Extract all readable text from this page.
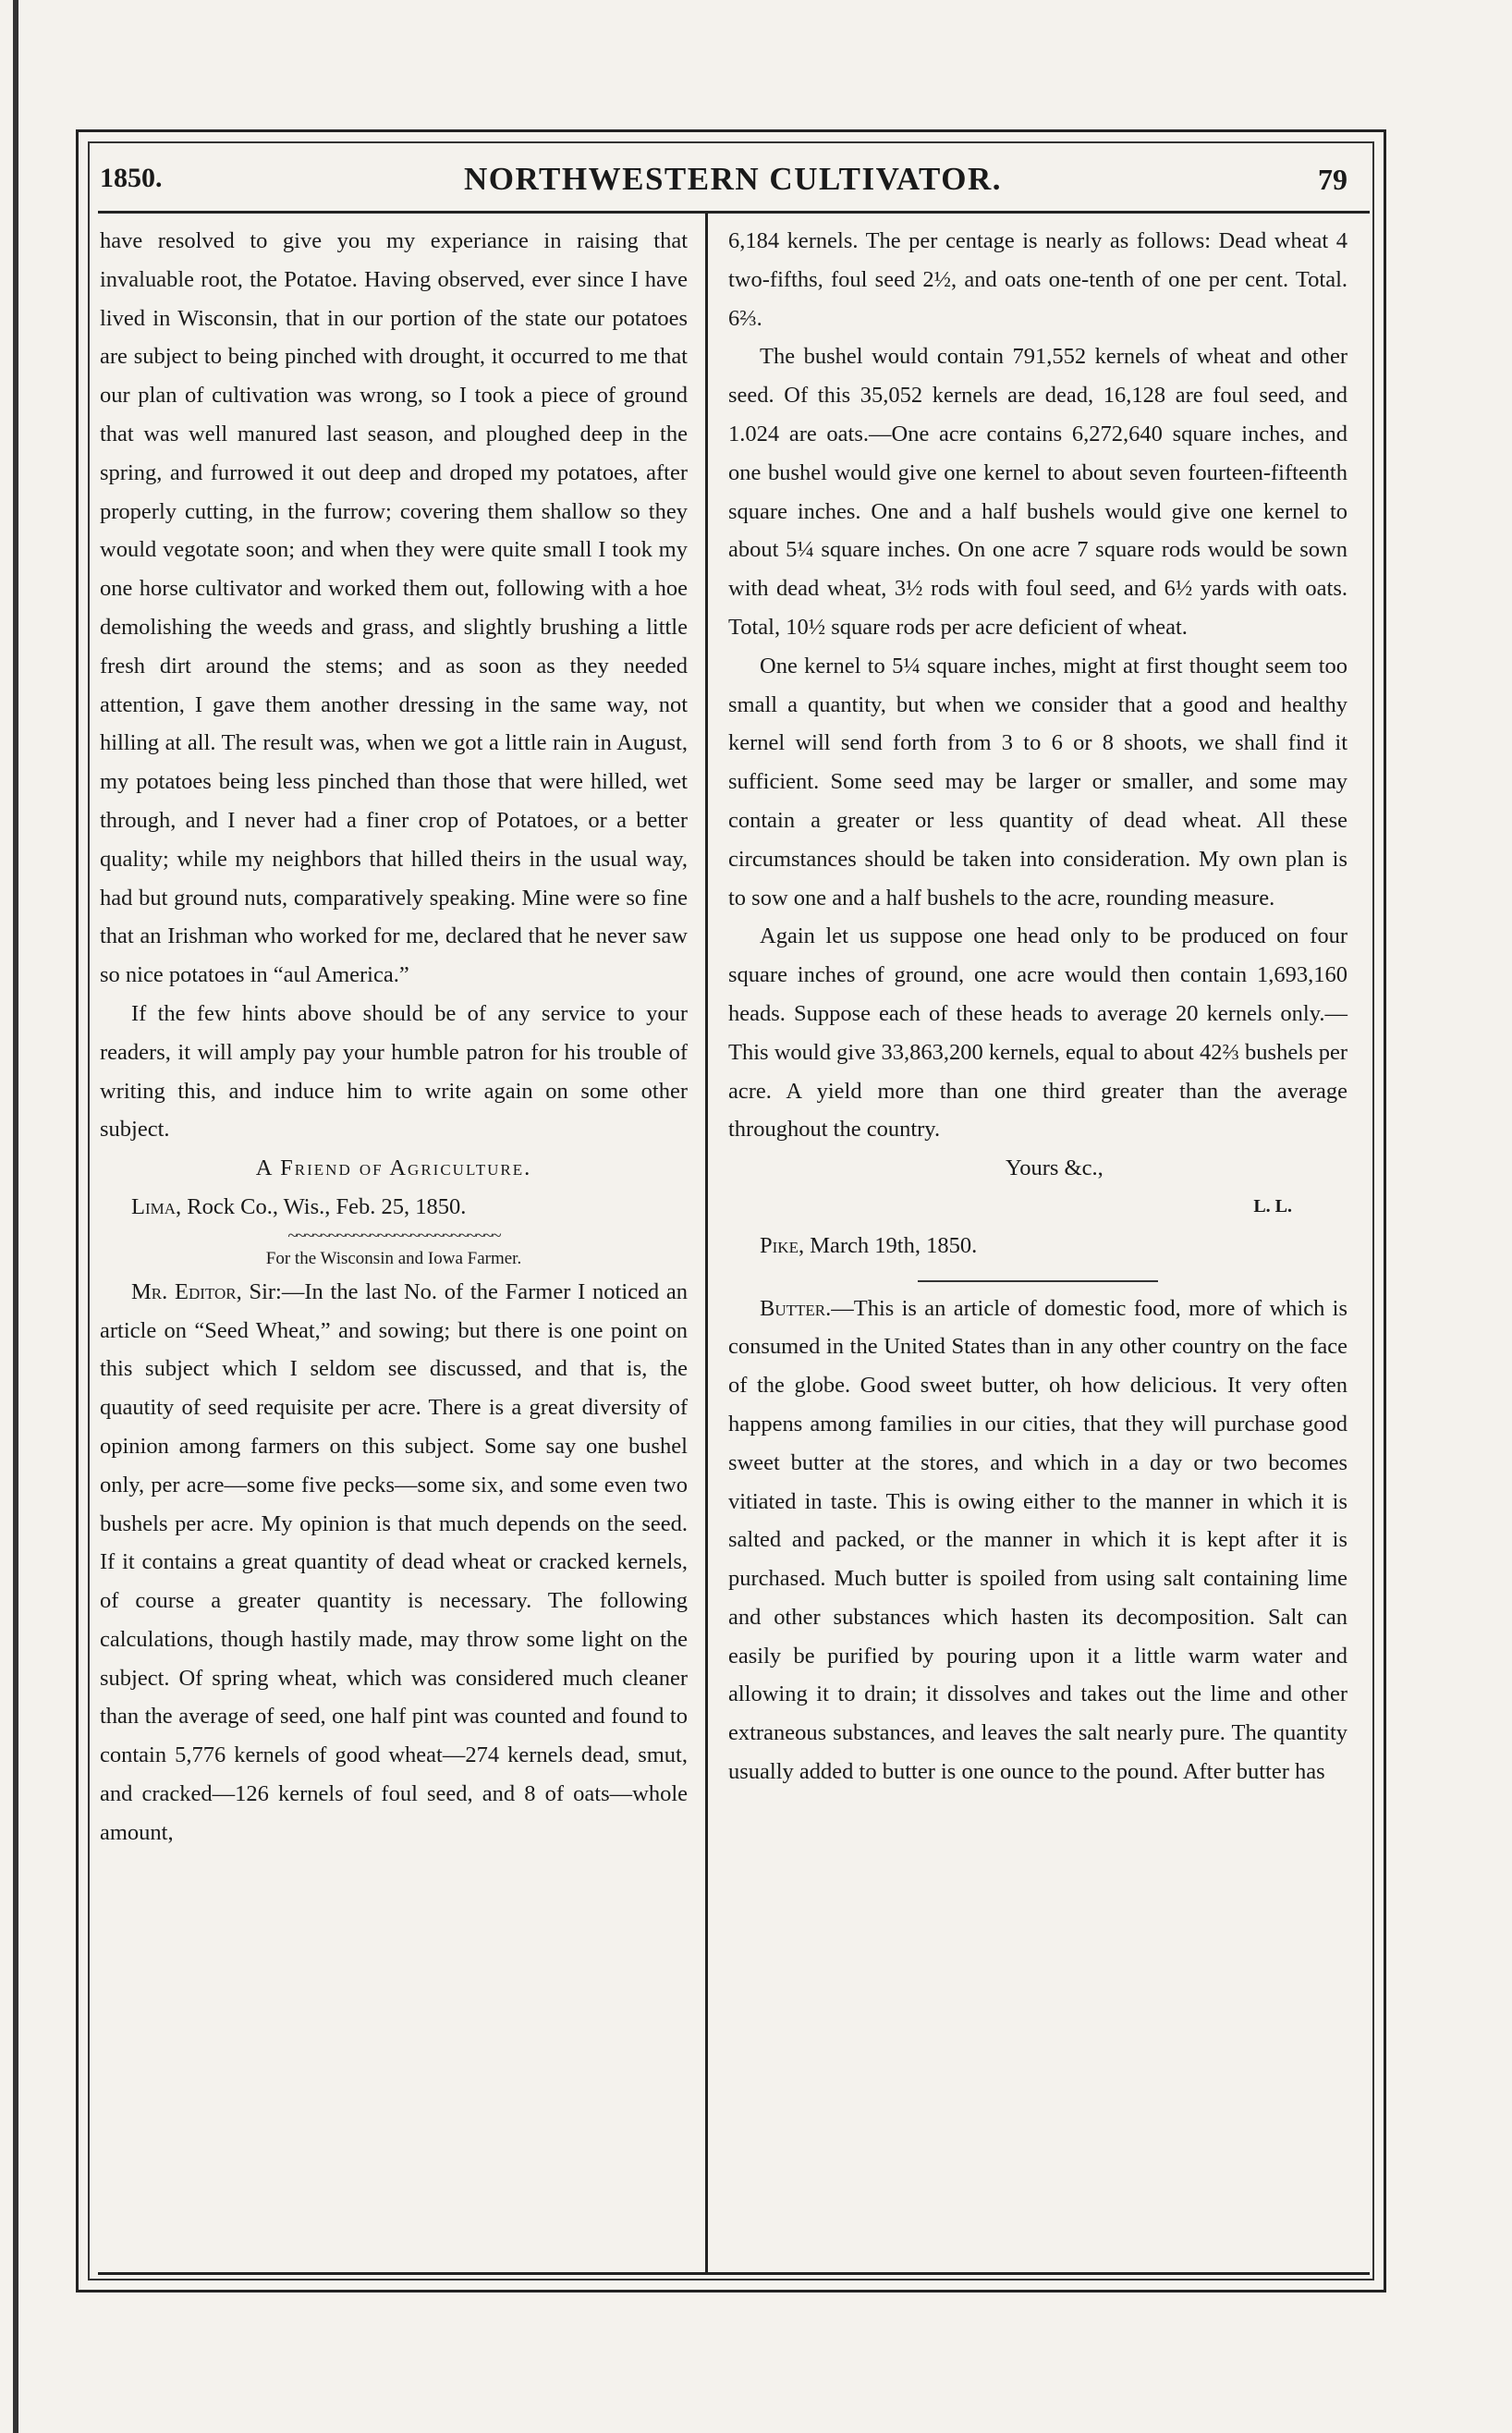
1850.	NORTHWESTERN CULTIVATOR.	79

have resolved to give you my experiance in raising that invaluable root, the Potatoe. Having observed, ever since I have lived in Wisconsin, that in our portion of the state our potatoes are subject to being pinched with drought, it occurred to me that our plan of cultivation was wrong, so I took a piece of ground that was well manured last season, and ploughed deep in the spring, and furrowed it out deep and droped my potatoes, after properly cutting, in the furrow; covering them shallow so they would vegotate soon; and when they were quite small I took my one horse cultivator and worked them out, following with a hoe demolishing the weeds and grass, and slightly brushing a little fresh dirt around the stems; and as soon as they needed attention, I gave them another dressing in the same way, not hilling at all. The result was, when we got a little rain in August, my potatoes being less pinched than those that were hilled, wet through, and I never had a finer crop of Potatoes, or a better quality; while my neighbors that hilled theirs in the usual way, had but ground nuts, comparatively speaking. Mine were so fine that an Irishman who worked for me, declared that he never saw so nice potatoes in “aul America.”

If the few hints above should be of any service to your readers, it will amply pay your humble patron for his trouble of writing this, and induce him to write again on some other subject.

A Friend of Agriculture.

Lima, Rock Co., Wis., Feb. 25, 1850.

~~~~~~~~~~~~~~~~~~~~~~~~~~

For the Wisconsin and Iowa Farmer.

Mr. Editor, Sir:—In the last No. of the Farmer I noticed an article on “Seed Wheat,” and sowing; but there is one point on this subject which I seldom see discussed, and that is, the quautity of seed requisite per acre. There is a great diversity of opinion among farmers on this subject. Some say one bushel only, per acre—some five pecks—some six, and some even two bushels per acre. My opinion is that much depends on the seed. If it contains a great quantity of dead wheat or cracked kernels, of course a greater quantity is necessary. The following calculations, though hastily made, may throw some light on the subject. Of spring wheat, which was considered much cleaner than the average of seed, one half pint was counted and found to contain 5,776 kernels of good wheat—274 kernels dead, smut, and cracked—126 kernels of foul seed, and 8 of oats—whole amount,

6,184 kernels. The per centage is nearly as follows: Dead wheat 4 two-fifths, foul seed 2½, and oats one-tenth of one per cent. Total. 6⅔.

The bushel would contain 791,552 kernels of wheat and other seed. Of this 35,052 kernels are dead, 16,128 are foul seed, and 1.024 are oats.—One acre contains 6,272,640 square inches, and one bushel would give one kernel to about seven fourteen-fifteenth square inches. One and a half bushels would give one kernel to about 5¼ square inches. On one acre 7 square rods would be sown with dead wheat, 3½ rods with foul seed, and 6½ yards with oats. Total, 10½ square rods per acre deficient of wheat.

One kernel to 5¼ square inches, might at first thought seem too small a quantity, but when we consider that a good and healthy kernel will send forth from 3 to 6 or 8 shoots, we shall find it sufficient. Some seed may be larger or smaller, and some may contain a greater or less quantity of dead wheat. All these circumstances should be taken into consideration. My own plan is to sow one and a half bushels to the acre, rounding measure.

Again let us suppose one head only to be produced on four square inches of ground, one acre would then contain 1,693,160 heads. Suppose each of these heads to average 20 kernels only.—This would give 33,863,200 kernels, equal to about 42⅔ bushels per acre. A yield more than one third greater than the average throughout the country.

Yours &c.,

L. L.

Pike, March 19th, 1850.

Butter.—This is an article of domestic food, more of which is consumed in the United States than in any other country on the face of the globe. Good sweet butter, oh how delicious. It very often happens among families in our cities, that they will purchase good sweet butter at the stores, and which in a day or two becomes vitiated in taste. This is owing either to the manner in which it is salted and packed, or the manner in which it is kept after it is purchased. Much butter is spoiled from using salt containing lime and other substances which hasten its decomposition. Salt can easily be purified by pouring upon it a little warm water and allowing it to drain; it dissolves and takes out the lime and other extraneous substances, and leaves the salt nearly pure. The quantity usually added to butter is one ounce to the pound. After butter has
